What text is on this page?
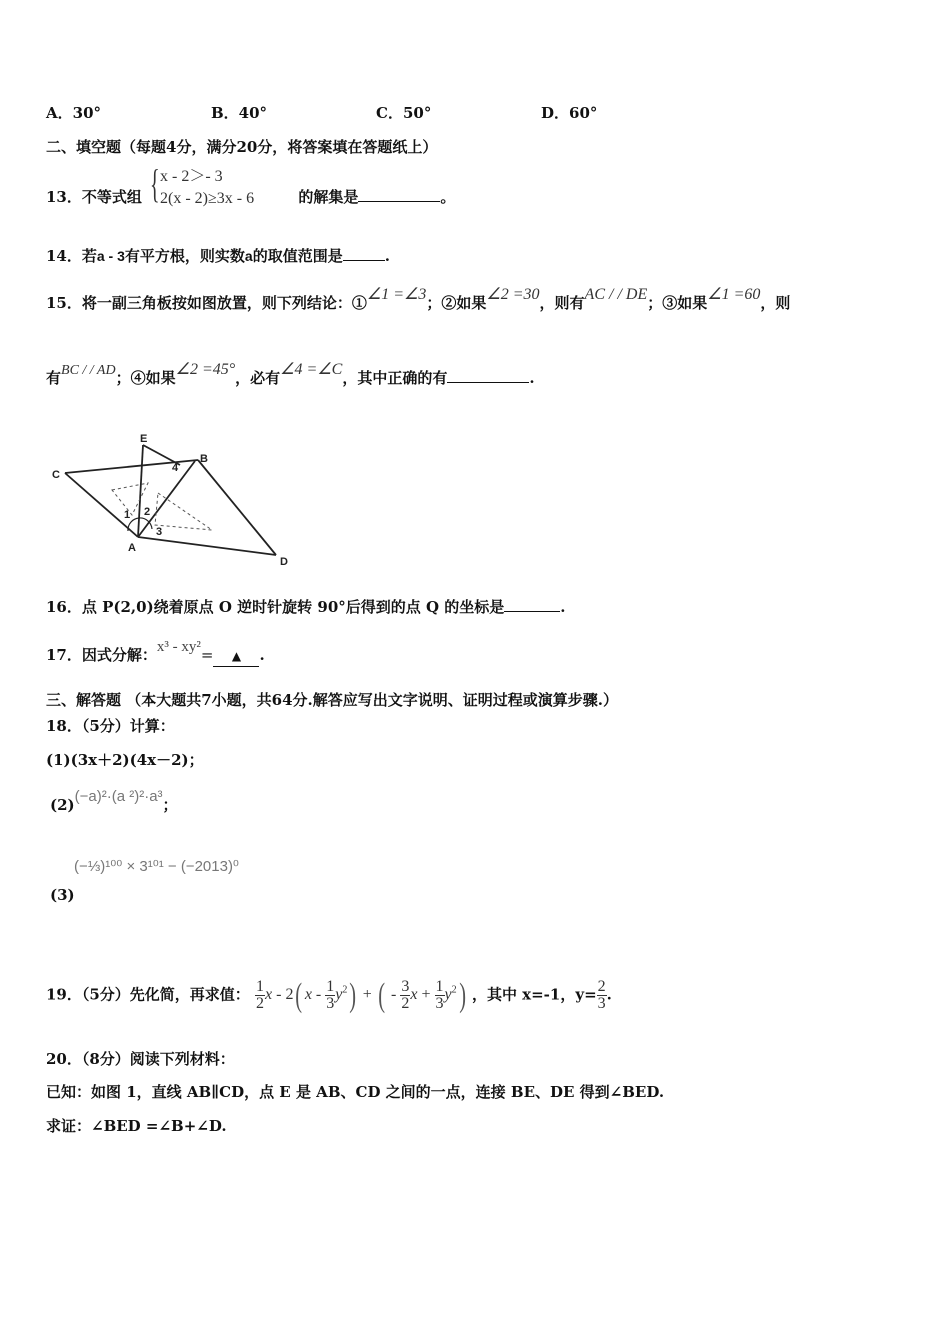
A．30°	B．40°	C．50°	D．60°
二、填空题（每题4分，满分20分，将答案填在答题纸上）
13．不等式组	的解集是	。
{ x - 2＞- 3
2(x - 2)≥3x - 6
14．若a - 3有平方根，则实数a的取值范围是	.
15．将一副三角板按如图放置，则下列结论：①∠1 =∠3；②如果∠2 =30，则有AC / / DE；③如果∠1 =60，则
有BC / / AD；④如果∠2 =45°，必有∠4 =∠C，其中正确的有	.
E
B
C
A
D
1 2
3
4
16．点 P(2,0)绕着原点 O 逆时针旋转 90°后得到的点 Q 的坐标是	.
17．因式分解：x³ - xy²= ▲ .
三、解答题 （本大题共7小题，共64分.解答应写出文字说明、证明过程或演算步骤.）
18．（5分）计算：
(1)(3x＋2)(4x－2)；
(2)(−a)²·(a ²)²·a³；
(−⅓)¹⁰⁰ × 3¹⁰¹ − (−2013)⁰
(3)
19．（5分）先化简，再求值： $\frac{1}{2}$ x - 2( x - $\frac{1}{3} y^2$) + ( - $\frac{3}{2}$ $x + \frac{1}{3} y^2$) ，其中 x=-1，$y= \frac{2}{3}$ .
20．（8分）阅读下列材料：
已知：如图 1，直线 AB∥CD，点 E 是 AB、CD 之间的一点，连接 BE、DE 得到∠BED.
求证：∠BED =∠B+∠D.
